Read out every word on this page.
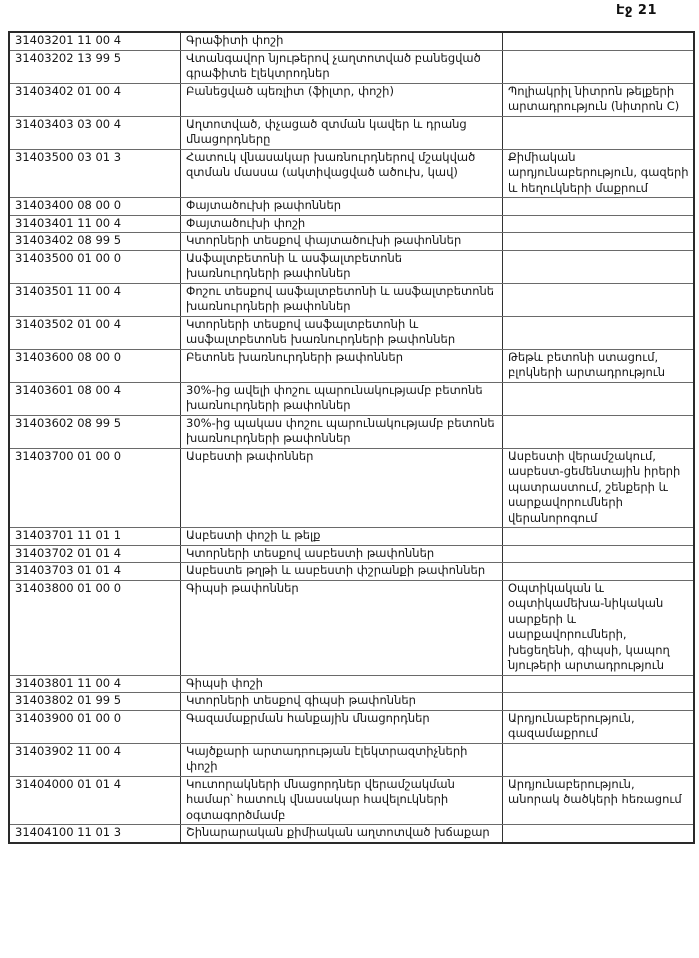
Էջ 21
31403201 11 00 4	Գրաֆիտի փոշի	
31403202 13 99 5	Վտանգավոր նյութերով չաղտոտված բանեցված գրաֆիտե էլեկտրոդներ	
31403402 01 00 4	Բանեցված պեռլիտ (ֆիլտր, փոշի)	Պոլիակրիլ նիտրոն թելքերի արտադրություն (նիտրոն C)
31403403 03 00 4	Աղտոտված, փչացած զտման կավեր և դրանց մնացորդները	
31403500 03 01 3	Հատուկ վնասակար խառնուրդներով մշակված զտման մասսա (ակտիվացված ածուխ, կավ)	Քիմիական արդյունաբերություն, գազերի և հեղուկների մաքրում
31403400 08 00 0	Փայտածուխի թափոններ	
31403401 11 00 4	Փայտածուխի փոշի	
31403402 08 99 5	Կտորների տեսքով փայտածուխի թափոններ	
31403500 01 00 0	Ասֆալտբետոնի և ասֆալտբետոնե խառնուրդների թափոններ	
31403501 11 00 4	Փոշու տեսքով ասֆալտբետոնի և ասֆալտբետոնե խառնուրդների թափոններ	
31403502 01 00 4	Կտորների տեսքով ասֆալտբետոնի և ասֆալտբետոնե խառնուրդների թափոններ	
31403600 08 00 0	Բետոնե խառնուրդների թափոններ	Թեթև բետոնի ստացում, բլոկների արտադրություն
31403601 08 00 4	30%-ից ավելի փոշու պարունակությամբ բետոնե խառնուրդների թափոններ	
31403602 08 99 5	30%-ից պակաս փոշու պարունակությամբ բետոնե խառնուրդների թափոններ	
31403700 01 00 0	Ասբեստի թափոններ	Ասբեստի վերամշակում, ասբեստ-ցեմենտային իրերի պատրաստում, շենքերի և սարքավորումների վերանորոգում
31403701 11 01 1	Ասբեստի փոշի և թելք	
31403702 01 01 4	Կտորների տեսքով ասբեստի թափոններ	
31403703 01 01 4	Ասբեստե թղթի և ասբեստի փշրանքի թափոններ	
31403800 01 00 0	Գիպսի թափոններ	Օպտիկական և օպտիկամեխա-նիկական սարքերի և սարքավորումների, խեցեղենի, գիպսի, կապող նյութերի արտադրություն
31403801 11 00 4	Գիպսի փոշի	
31403802 01 99 5	Կտորների տեսքով գիպսի թափոններ	
31403900 01 00 0	Գազամաքրման հանքային մնացորդներ	Արդյունաբերություն, գազամաքրում
31403902 11 00 4	Կայծքարի արտադրության էլեկտրազտիչների փոշի	
31404000 01 01 4	Կուտորակների մնացորդներ վերամշակման համար՝ հատուկ վնասակար հավելուկների օգտագործմամբ	Արդյունաբերություն, անորակ ծածկերի հեռացում
31404100 11 01 3	Շինարարական քիմիական աղտոտված խճաքար	
